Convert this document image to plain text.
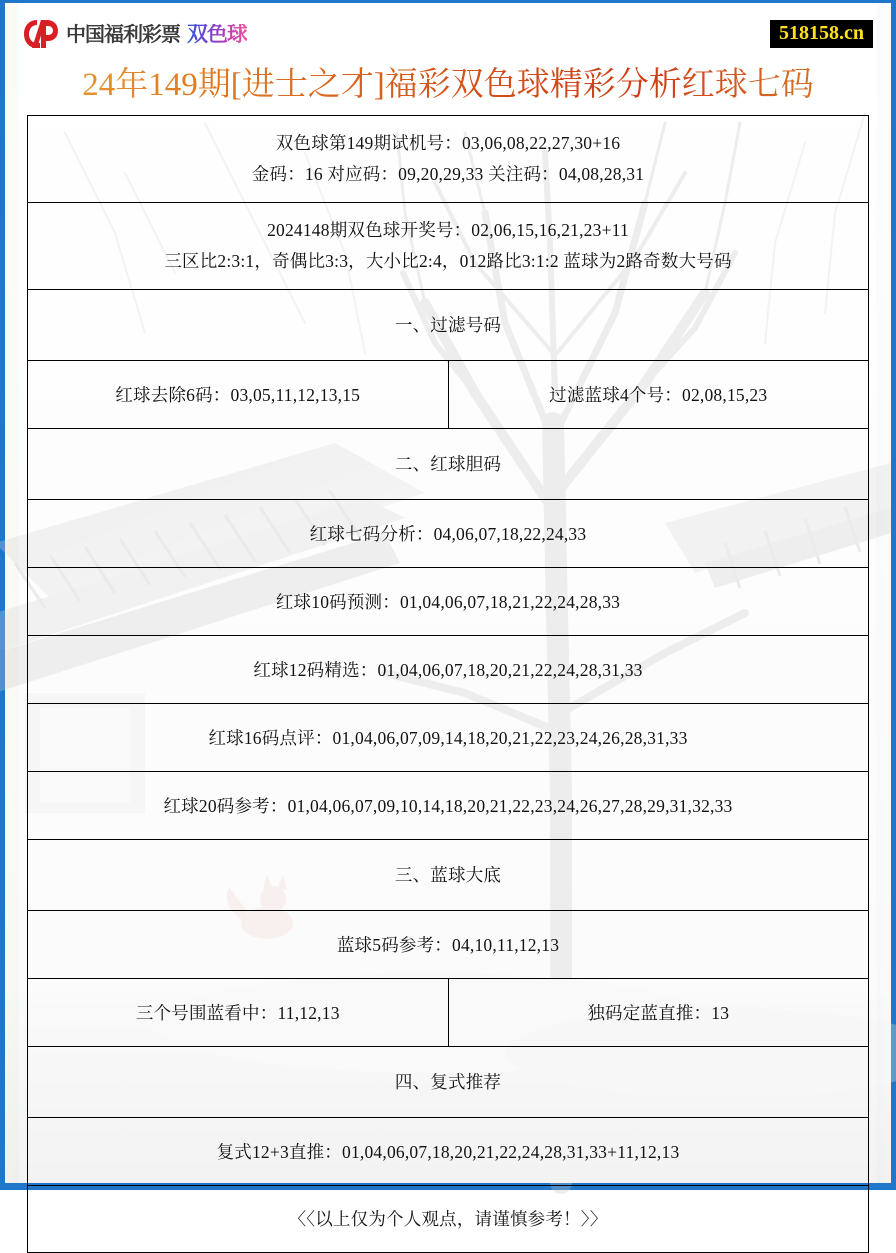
中国福利彩票 双色球	518158.cn
24年149期[进士之才]福彩双色球精彩分析红球七码
双色球第149期试机号：03,06,08,22,27,30+16
金码：16 对应码：09,20,29,33 关注码：04,08,28,31	

2024148期双色球开奖号：02,06,15,16,21,23+11
三区比2:3:1，奇偶比3:3，大小比2:4，012路比3:1:2 蓝球为2路奇数大号码	

一、过滤号码	
红球去除6码：03,05,11,12,13,15	过滤蓝球4个号：02,08,15,23
二、红球胆码	
红球七码分析：04,06,07,18,22,24,33	
红球10码预测：01,04,06,07,18,21,22,24,28,33	
红球12码精选：01,04,06,07,18,20,21,22,24,28,31,33	
红球16码点评：01,04,06,07,09,14,18,20,21,22,23,24,26,28,31,33	
红球20码参考：01,04,06,07,09,10,14,18,20,21,22,23,24,26,27,28,29,31,32,33	
三、蓝球大底	
蓝球5码参考：04,10,11,12,13	
三个号围蓝看中：11,12,13	独码定蓝直推：13
四、复式推荐	
复式12+3直推：01,04,06,07,18,20,21,22,24,28,31,33+11,12,13	
〈〈以上仅为个人观点，请谨慎参考！〉〉	
